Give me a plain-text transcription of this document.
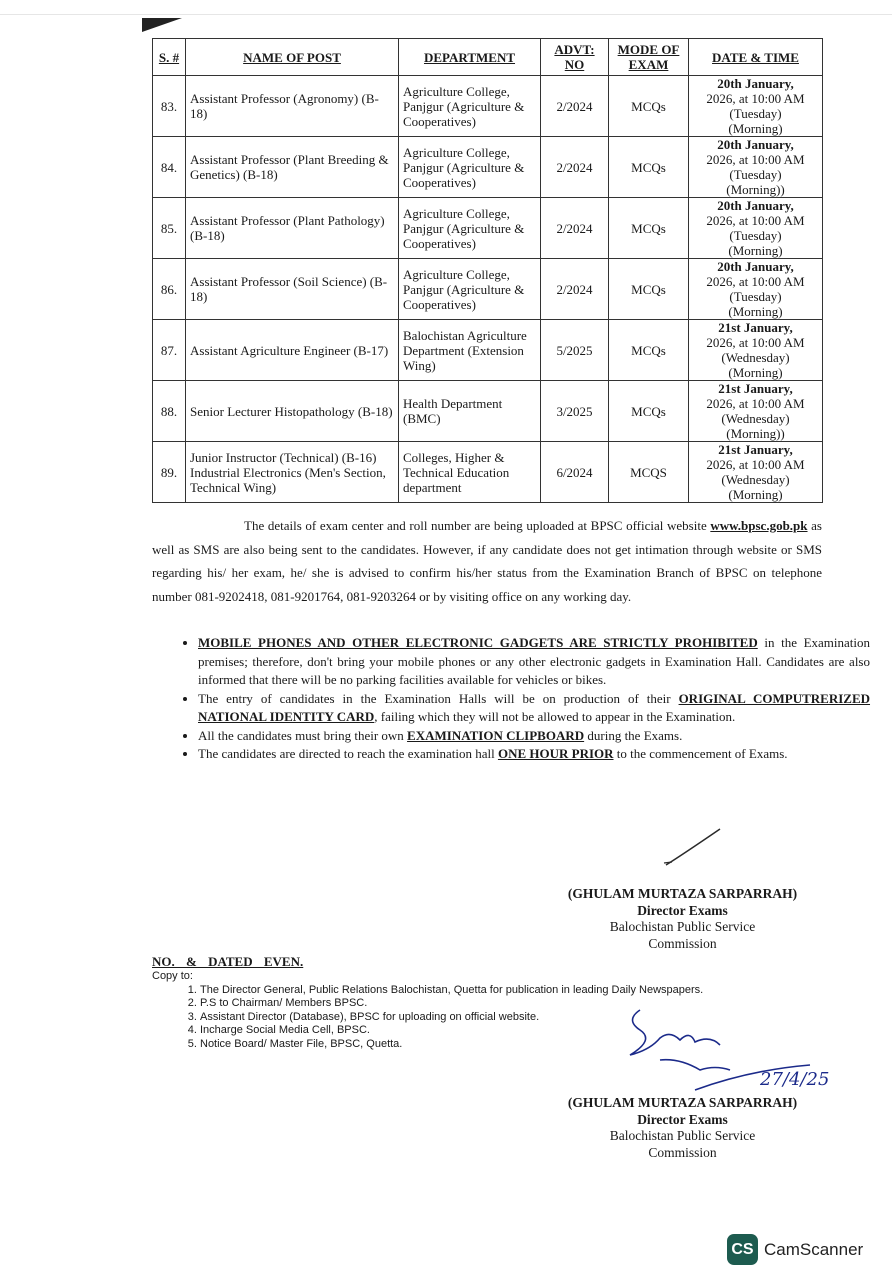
S. #	NAME OF POST	DEPARTMENT	ADVT: NO	MODE OF EXAM	DATE & TIME
83.	Assistant Professor (Agronomy) (B-18)	Agriculture College, Panjgur (Agriculture & Cooperatives)	2/2024	MCQs	20th January,
2026, at 10:00 AM
(Tuesday)
(Morning)

84.	Assistant Professor (Plant Breeding & Genetics) (B-18)	Agriculture College, Panjgur (Agriculture & Cooperatives)	2/2024	MCQs	20th January,
2026, at 10:00 AM
(Tuesday)
(Morning))

85.	Assistant Professor (Plant Pathology) (B-18)	Agriculture College, Panjgur (Agriculture & Cooperatives)	2/2024	MCQs	20th January,
2026, at 10:00 AM
(Tuesday)
(Morning)

86.	Assistant Professor (Soil Science) (B-18)	Agriculture College, Panjgur (Agriculture & Cooperatives)	2/2024	MCQs	20th January,
2026, at 10:00 AM
(Tuesday)
(Morning)

87.	Assistant Agriculture Engineer (B-17)	Balochistan Agriculture Department (Extension Wing)	5/2025	MCQs	21st January,
2026, at 10:00 AM
(Wednesday)
(Morning)

88.	Senior Lecturer Histopathology (B-18)	Health Department (BMC)	3/2025	MCQs	21st January,
2026, at 10:00 AM
(Wednesday)
(Morning))

89.	Junior Instructor (Technical) (B-16) Industrial Electronics (Men's Section, Technical Wing)	Colleges, Higher & Technical Education department	6/2024	MCQS	21st January,
2026, at 10:00 AM
(Wednesday)
(Morning)
The details of exam center and roll number are being uploaded at BPSC official website www.bpsc.gob.pk as well as SMS are also being sent to the candidates. However, if any candidate does not get intimation through website or SMS regarding his/ her exam, he/ she is advised to confirm his/her status from the Examination Branch of BPSC on telephone number 081-9202418, 081-9201764, 081-9203264 or by visiting office on any working day.
• MOBILE PHONES AND OTHER ELECTRONIC GADGETS ARE STRICTLY PROHIBITED in the Examination premises; therefore, don't bring your mobile phones or any other electronic gadgets in Examination Hall. Candidates are also informed that there will be no parking facilities available for vehicles or bikes.
• The entry of candidates in the Examination Halls will be on production of their ORIGINAL COMPUTRERIZED NATIONAL IDENTITY CARD, failing which they will not be allowed to appear in the Examination.
• All the candidates must bring their own EXAMINATION CLIPBOARD during the Exams.
• The candidates are directed to reach the examination hall ONE HOUR PRIOR to the commencement of Exams.
(GHULAM MURTAZA SARPARRAH)
Director Exams
Balochistan Public Service
Commission
NO. & DATED EVEN.
Copy to:
1. The Director General, Public Relations Balochistan, Quetta for publication in leading Daily Newspapers.
2. P.S to Chairman/ Members BPSC.
3. Assistant Director (Database), BPSC for uploading on official website.
4. Incharge Social Media Cell, BPSC.
5. Notice Board/ Master File, BPSC, Quetta.
27/4/25
(GHULAM MURTAZA SARPARRAH)
Director Exams
Balochistan Public Service
Commission
CS CamScanner
